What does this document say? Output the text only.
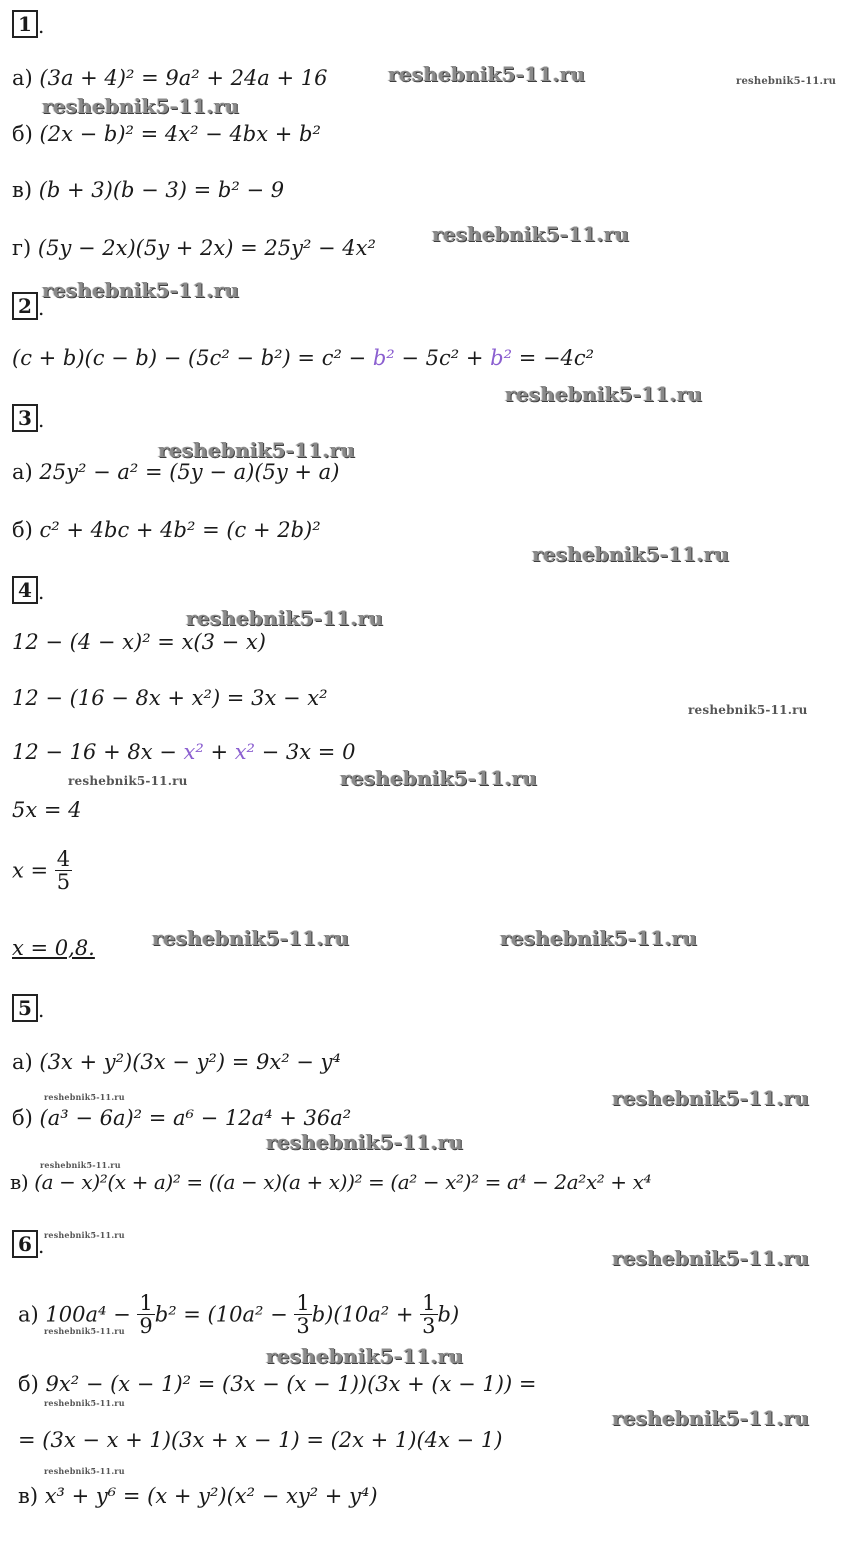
1 .
а) (3a + 4)² = 9a² + 24a + 16
б) (2x − b)² = 4x² − 4bx + b²
в) (b + 3)(b − 3) = b² − 9
г) (5y − 2x)(5y + 2x) = 25y² − 4x²
2 .
(c + b)(c − b) − (5c² − b²) = c² − b² − 5c² + b² = −4c²
3 .
а) 25y² − a² = (5y − a)(5y + a)
б) c² + 4bc + 4b² = (c + 2b)²
4 .
12 − (4 − x)² = x(3 − x)
12 − (16 − 8x + x²) = 3x − x²
12 − 16 + 8x − x² + x² − 3x = 0
5x = 4
$x = \frac{4}{5}$
x = 0,8.
5 .
а) (3x + y²)(3x − y²) = 9x² − y⁴
б) (a³ − 6a)² = a⁶ − 12a⁴ + 36a²
в) (a − x)²(x + a)² = ((a − x)(a + x))² = (a² − x²)² = a⁴ − 2a²x² + x⁴
6 .
а) $100a^4 - \frac{1}{9} b^2 = (10a^2 - \frac{1}{3} b)(10a^2 + \frac{1}{3} b)$
б) 9x² − (x − 1)² = (3x − (x − 1))(3x + (x − 1)) =
= (3x − x + 1)(3x + x − 1) = (2x + 1)(4x − 1)
в) x³ + y⁶ = (x + y²)(x² − xy² + y⁴)
reshebnik5-11.ru	reshebnik5-11.ru
reshebnik5-11.ru
reshebnik5-11.ru
reshebnik5-11.ru
reshebnik5-11.ru
reshebnik5-11.ru
reshebnik5-11.ru
reshebnik5-11.ru
reshebnik5-11.ru
reshebnik5-11.ru	reshebnik5-11.ru
reshebnik5-11.ru	reshebnik5-11.ru
reshebnik5-11.ru	reshebnik5-11.ru
reshebnik5-11.ru
reshebnik5-11.ru
reshebnik5-11.ru
reshebnik5-11.ru
reshebnik5-11.ru
reshebnik5-11.ru
reshebnik5-11.ru
reshebnik5-11.ru
reshebnik5-11.ru
